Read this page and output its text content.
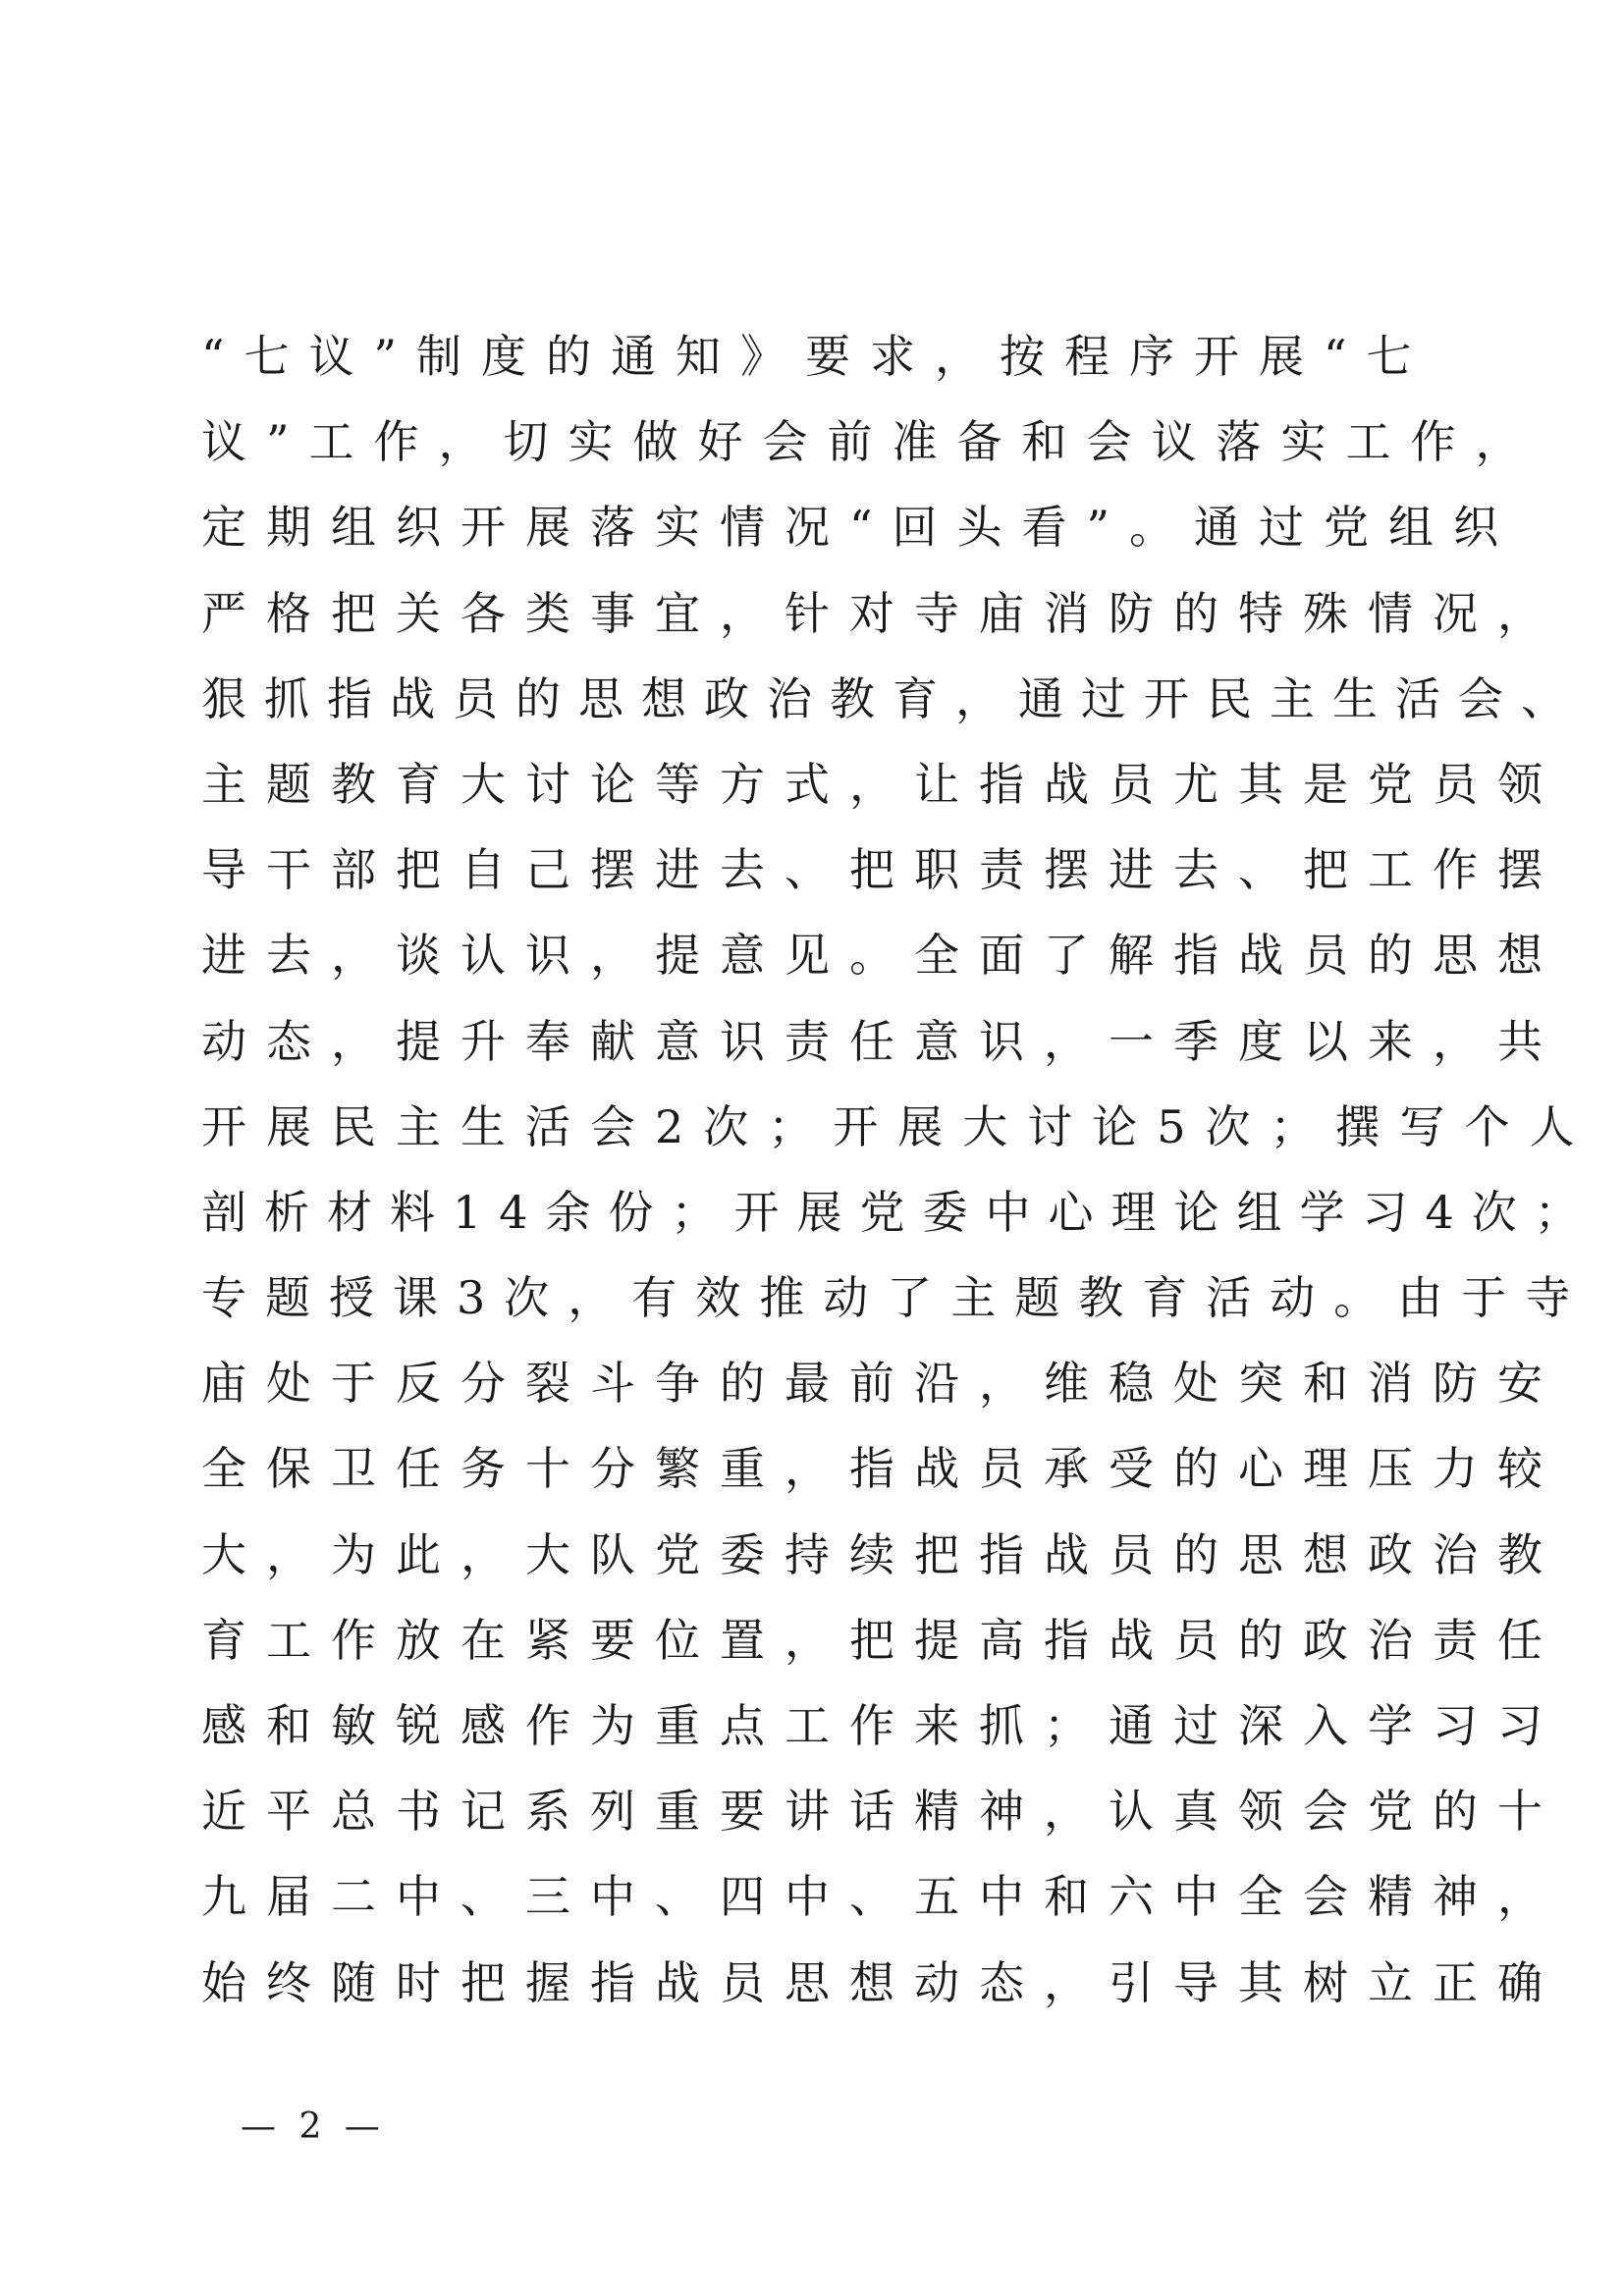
“七议”制度的通知》要求，按程序开展“七
议”工作，切实做好会前准备和会议落实工作，
定期组织开展落实情况“回头看”。通过党组织
严格把关各类事宜，针对寺庙消防的特殊情况，
狠抓指战员的思想政治教育，通过开民主生活会、
主题教育大讨论等方式，让指战员尤其是党员领
导干部把自己摆进去、把职责摆进去、把工作摆
进去，谈认识，提意见。全面了解指战员的思想
动态，提升奉献意识责任意识，一季度以来，共
开展民主生活会2次；开展大讨论5次；撰写个人
剖析材料14余份；开展党委中心理论组学习4次；
专题授课3次，有效推动了主题教育活动。由于寺
庙处于反分裂斗争的最前沿，维稳处突和消防安
全保卫任务十分繁重，指战员承受的心理压力较
大，为此，大队党委持续把指战员的思想政治教
育工作放在紧要位置，把提高指战员的政治责任
感和敏锐感作为重点工作来抓；通过深入学习习
近平总书记系列重要讲话精神，认真领会党的十
九届二中、三中、四中、五中和六中全会精神，
始终随时把握指战员思想动态，引导其树立正确
— 2 —
